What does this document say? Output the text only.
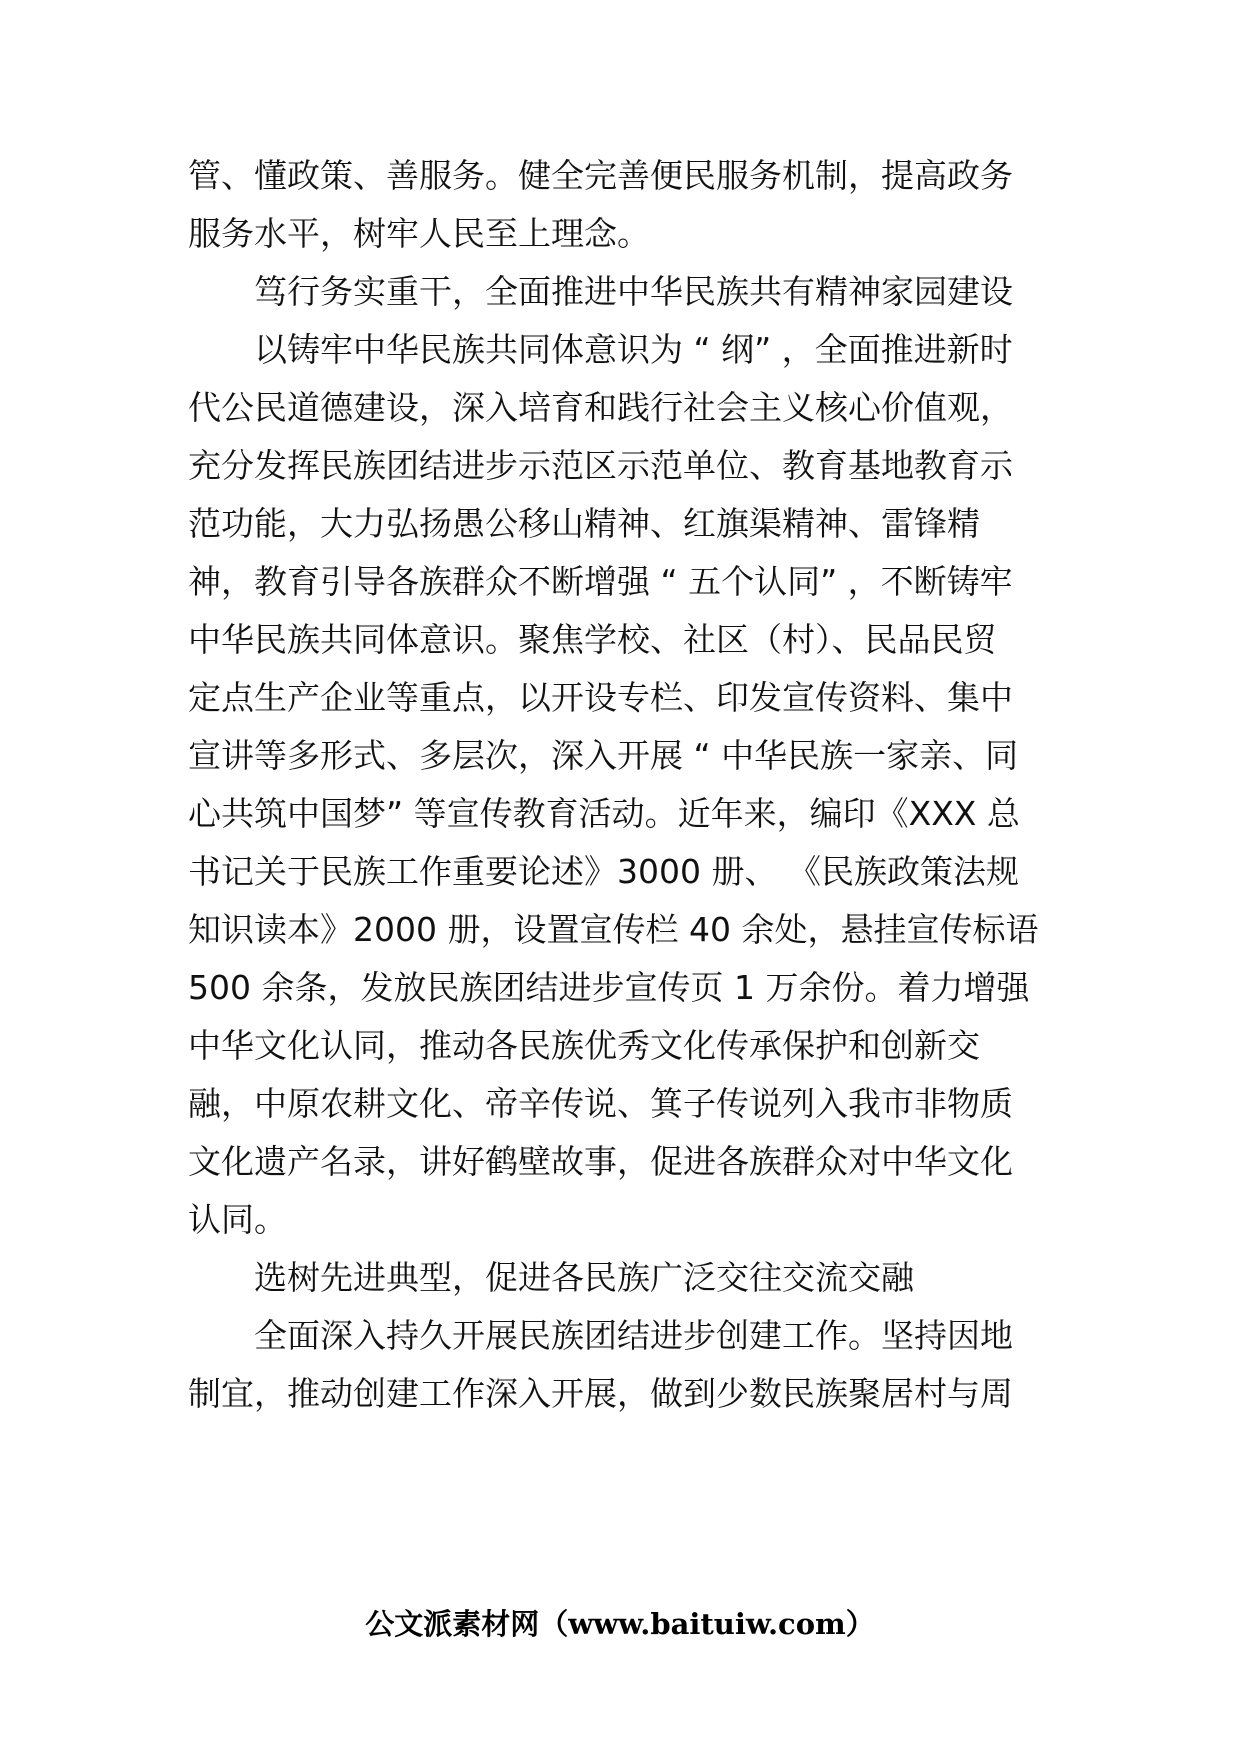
管、懂政策、善服务。健全完善便民服务机制，提高政务
服务水平，树牢人民至上理念。
笃行务实重干，全面推进中华民族共有精神家园建设
以铸牢中华民族共同体意识为 “ 纲” ，全面推进新时
代公民道德建设，深入培育和践行社会主义核心价值观，
充分发挥民族团结进步示范区示范单位、教育基地教育示
范功能，大力弘扬愚公移山精神、红旗渠精神、雷锋精
神，教育引导各族群众不断增强 “ 五个认同” ，不断铸牢
中华民族共同体意识。聚焦学校、社区（村）、民品民贸
定点生产企业等重点，以开设专栏、印发宣传资料、集中
宣讲等多形式、多层次，深入开展 “ 中华民族一家亲、同
心共筑中国梦” 等宣传教育活动。近年来，编印《XXX 总
书记关于民族工作重要论述》3000 册、 《民族政策法规
知识读本》2000 册，设置宣传栏 40 余处，悬挂宣传标语
500 余条，发放民族团结进步宣传页 1 万余份。着力增强
中华文化认同，推动各民族优秀文化传承保护和创新交
融，中原农耕文化、帝辛传说、箕子传说列入我市非物质
文化遗产名录，讲好鹤壁故事，促进各族群众对中华文化
认同。
选树先进典型，促进各民族广泛交往交流交融
全面深入持久开展民族团结进步创建工作。坚持因地
制宜，推动创建工作深入开展，做到少数民族聚居村与周
公文派素材网（www.baituiw.com）
